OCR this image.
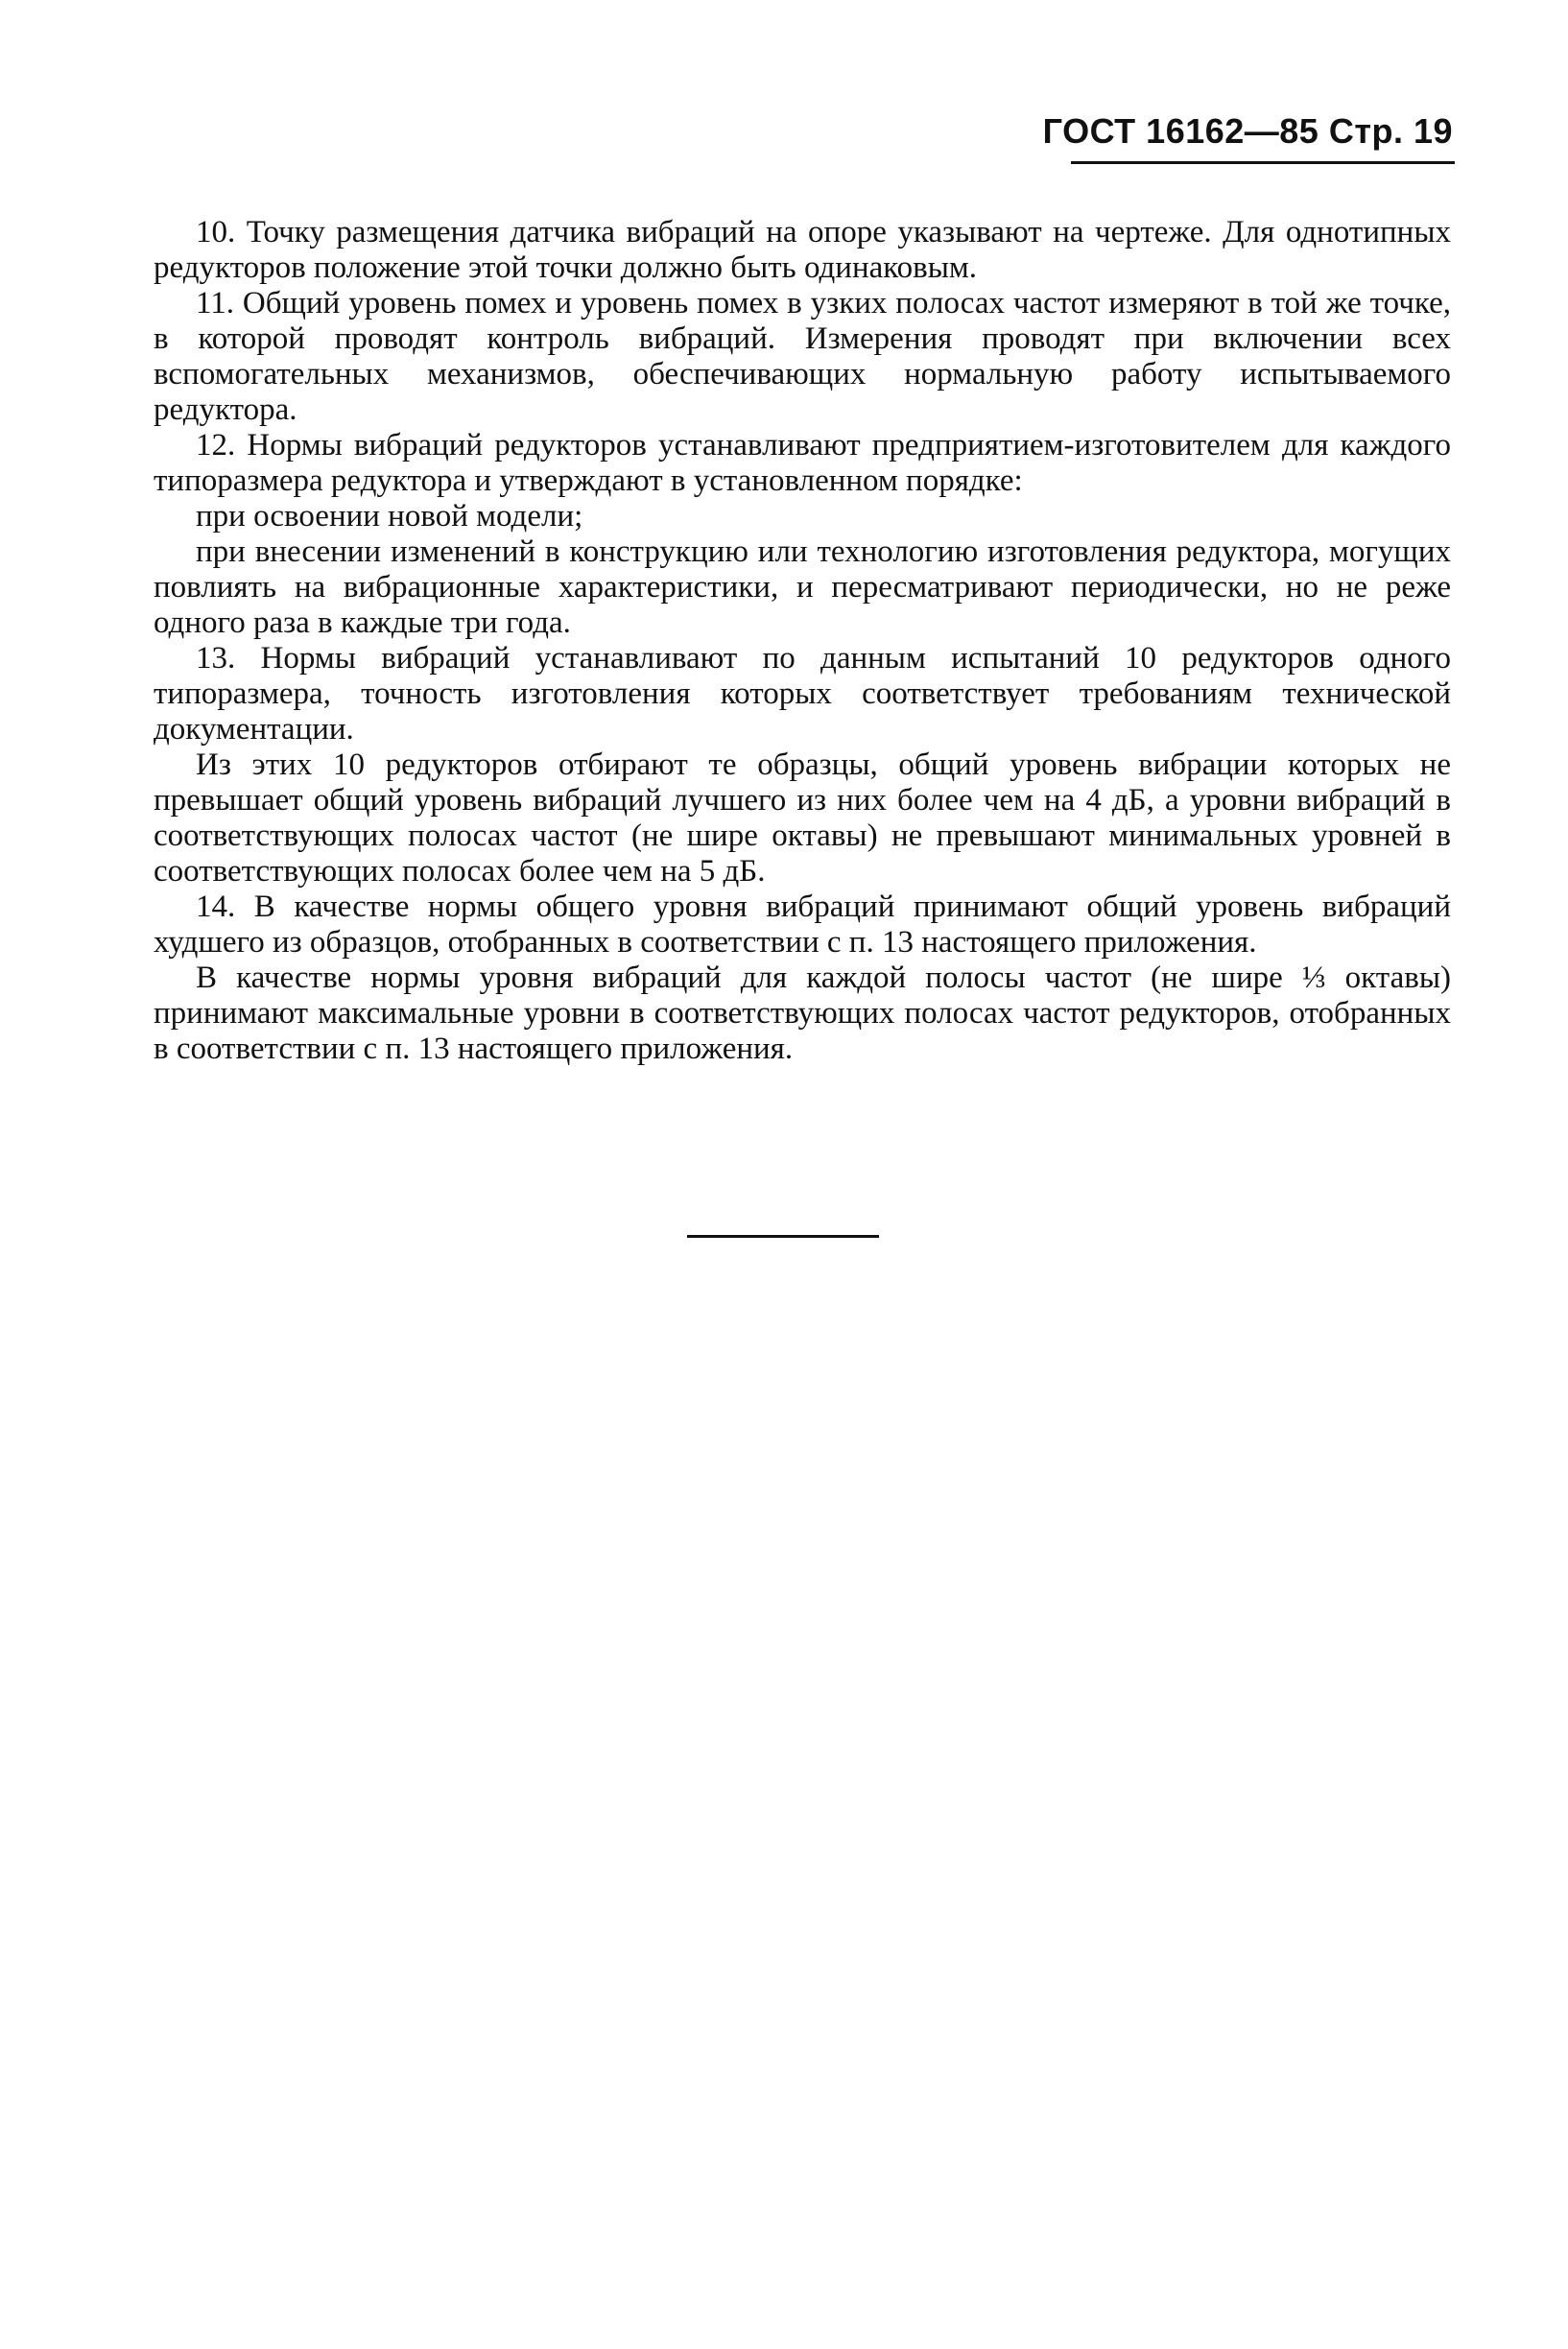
ГОСТ 16162—85 Стр. 19

10. Точку размещения датчика вибраций на опоре указывают на чертеже. Для однотипных редукторов положение этой точки должно быть одинаковым.

11. Общий уровень помех и уровень помех в узких полосах частот измеряют в той же точке, в которой проводят контроль вибраций. Измерения проводят при включении всех вспомогательных механизмов, обеспечивающих нормальную работу испытываемого редуктора.

12. Нормы вибраций редукторов устанавливают предприятием-изготовителем для каждого типоразмера редуктора и утверждают в установленном порядке:

при освоении новой модели;

при внесении изменений в конструкцию или технологию изготовления редуктора, могущих повлиять на вибрационные характеристики, и пересматривают периодически, но не реже одного раза в каждые три года.

13. Нормы вибраций устанавливают по данным испытаний 10 редукторов одного типоразмера, точность изготовления которых соответствует требованиям технической документации.

Из этих 10 редукторов отбирают те образцы, общий уровень вибрации которых не превышает общий уровень вибраций лучшего из них более чем на 4 дБ, а уровни вибраций в соответствующих полосах частот (не шире октавы) не превышают минимальных уровней в соответствующих полосах более чем на 5 дБ.

14. В качестве нормы общего уровня вибраций принимают общий уровень вибраций худшего из образцов, отобранных в соответствии с п. 13 настоящего приложения.

В качестве нормы уровня вибраций для каждой полосы частот (не шире ⅓ октавы) принимают максимальные уровни в соответствующих полосах частот редукторов, отобранных в соответствии с п. 13 настоящего приложения.
